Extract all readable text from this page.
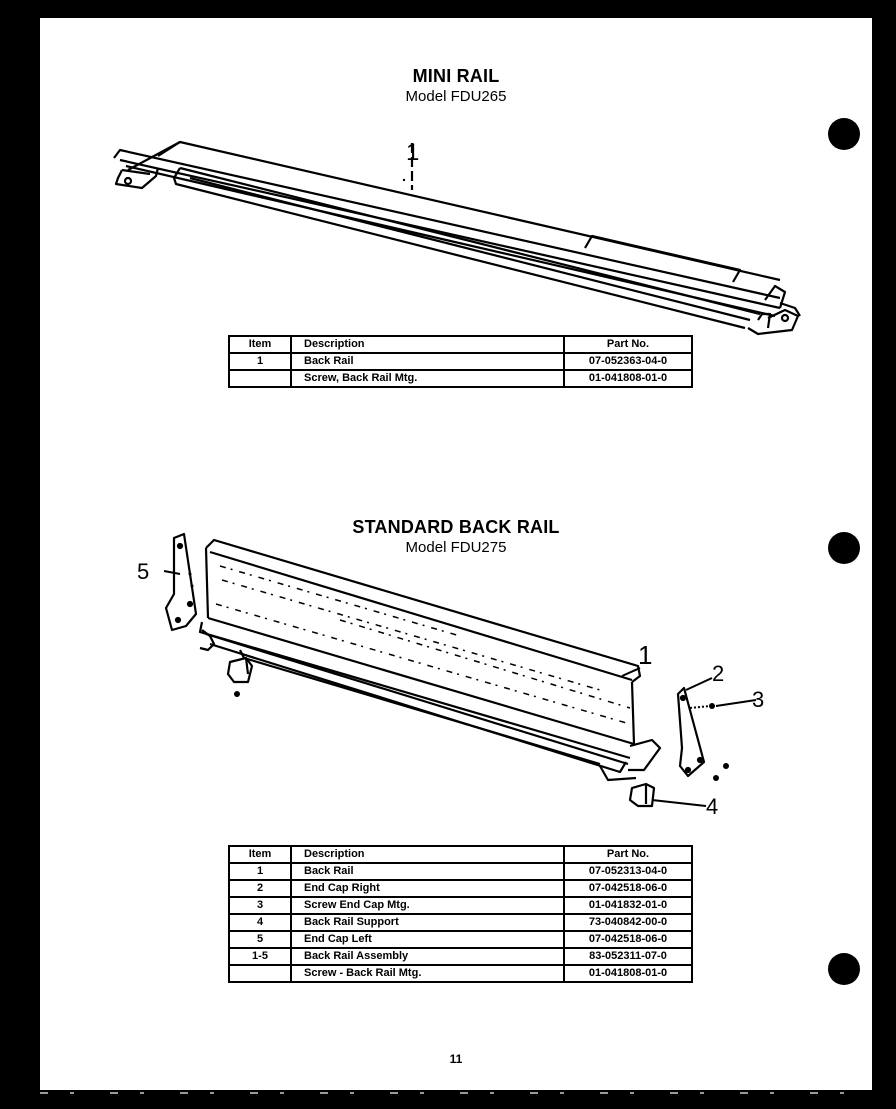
MINI RAIL
Model FDU265
1
Item	Description	Part No.
1	Back Rail	07-052363-04-0
	Screw, Back Rail Mtg.	01-041808-01-0
STANDARD BACK RAIL
Model FDU275
5
1
2
3
4
Item	Description	Part No.
1	Back Rail	07-052313-04-0
2	End Cap Right	07-042518-06-0
3	Screw End Cap Mtg.	01-041832-01-0
4	Back Rail Support	73-040842-00-0
5	End Cap Left	07-042518-06-0
1-5	Back Rail Assembly	83-052311-07-0
	Screw - Back Rail Mtg.	01-041808-01-0
11
